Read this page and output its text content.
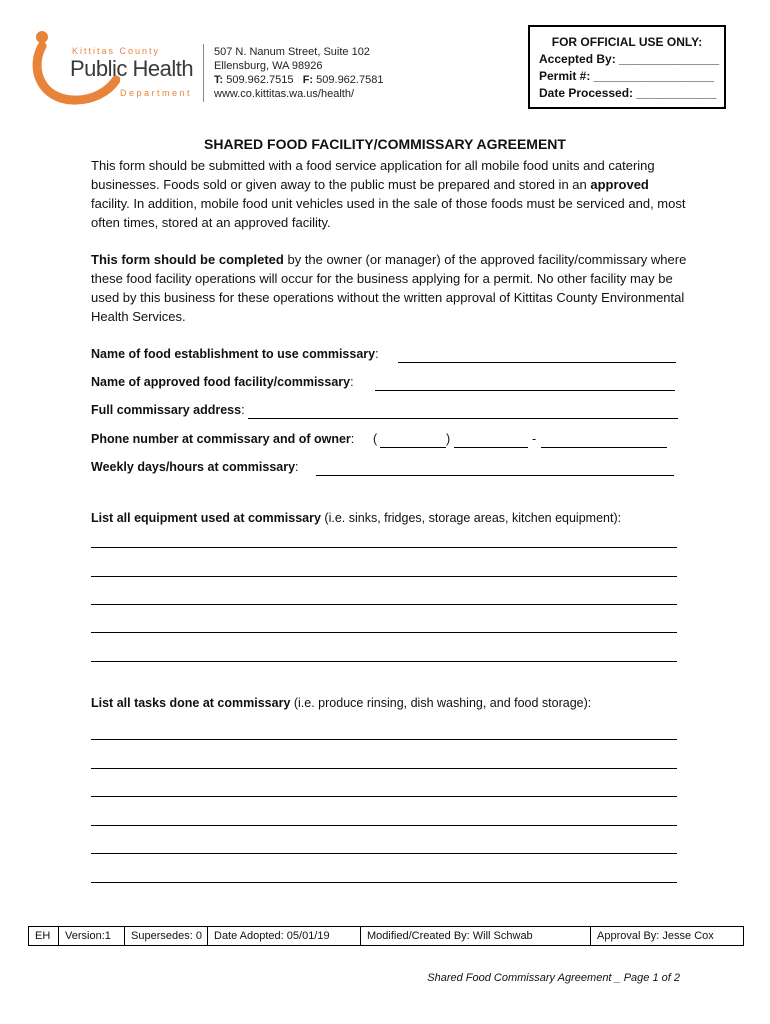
Kittitas County
Public Health
Department
507 N. Nanum Street, Suite 102
Ellensburg, WA 98926
T: 509.962.7515 F: 509.962.7581
www.co.kittitas.wa.us/health/
FOR OFFICIAL USE ONLY:
Accepted By: _______________
Permit #: __________________
Date Processed: ____________
SHARED FOOD FACILITY/COMMISSARY AGREEMENT
This form should be submitted with a food service application for all mobile food units and catering businesses. Foods sold or given away to the public must be prepared and stored in an approved facility. In addition, mobile food unit vehicles used in the sale of those foods must be serviced and, most often times, stored at an approved facility.
This form should be completed by the owner (or manager) of the approved facility/commissary where these food facility operations will occur for the business applying for a permit. No other facility may be used by this business for these operations without the written approval of Kittitas County Environmental Health Services.
Name of food establishment to use commissary:
Name of approved food facility/commissary:
Full commissary address:
Phone number at commissary and of owner: (	)	-
Weekly days/hours at commissary:
List all equipment used at commissary (i.e. sinks, fridges, storage areas, kitchen equipment):
List all tasks done at commissary (i.e. produce rinsing, dish washing, and food storage):
EH	Version:1	Supersedes: 0	Date Adopted: 05/01/19	Modified/Created By: Will Schwab	Approval By: Jesse Cox
Shared Food Commissary Agreement _ Page 1 of 2
